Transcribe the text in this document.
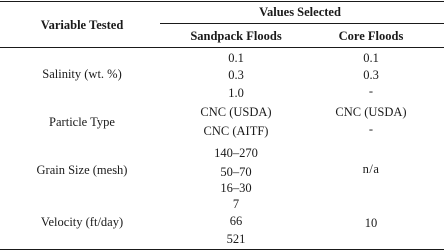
Variable Tested
Values Selected
Sandpack Floods	Core Floods
Salinity (wt. %)
0.1
0.3
1.0
0.1
0.3
-
Particle Type
CNC (USDA)
CNC (AITF)
CNC (USDA)
-
Grain Size (mesh)
140–270
50–70
16–30
n/a
Velocity (ft/day)
7
66
521
10
